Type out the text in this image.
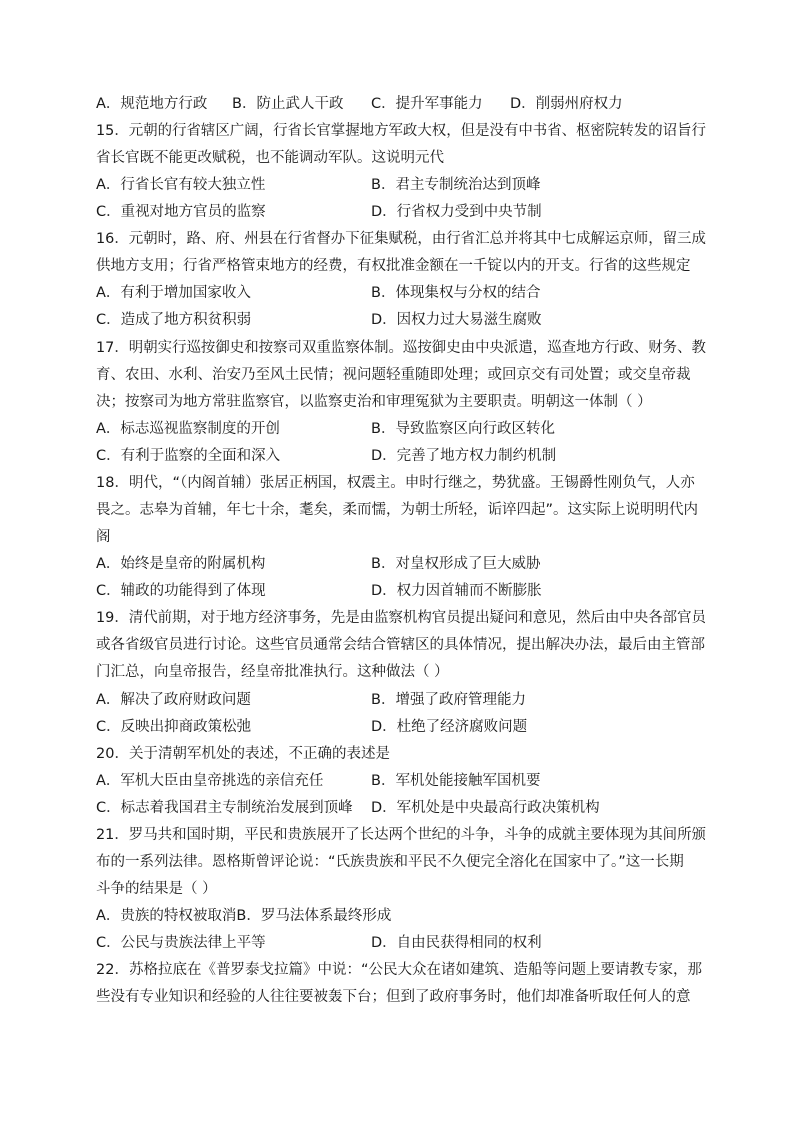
A．规范地方行政 B．防止武人干政 C．提升军事能力 D．削弱州府权力
15．元朝的行省辖区广阔，行省长官掌握地方军政大权，但是没有中书省、枢密院转发的诏旨行
省长官既不能更改赋税，也不能调动军队。这说明元代
A．行省长官有较大独立性	B．君主专制统治达到顶峰
C．重视对地方官员的监察	D．行省权力受到中央节制
16．元朝时，路、府、州县在行省督办下征集赋税，由行省汇总并将其中七成解运京师，留三成
供地方支用；行省严格管束地方的经费，有权批准金额在一千锭以内的开支。行省的这些规定
A．有利于增加国家收入	B．体现集权与分权的结合
C．造成了地方积贫积弱	D．因权力过大易滋生腐败
17．明朝实行巡按御史和按察司双重监察体制。巡按御史由中央派遣，巡查地方行政、财务、教
育、农田、水利、治安乃至风土民情；视问题轻重随即处理；或回京交有司处置；或交皇帝裁
决；按察司为地方常驻监察官，以监察吏治和审理冤狱为主要职责。明朝这一体制（ ）
A．标志巡视监察制度的开创	B．导致监察区向行政区转化
C．有利于监察的全面和深入	D．完善了地方权力制约机制
18．明代，“（内阁首辅）张居正柄国，权震主。申时行继之，势犹盛。王锡爵性刚负气，人亦
畏之。志皋为首辅，年七十余，耄矣，柔而懦，为朝士所轻，诟谇四起”。这实际上说明明代内
阁
A．始终是皇帝的附属机构	B．对皇权形成了巨大威胁
C．辅政的功能得到了体现	D．权力因首辅而不断膨胀
19．清代前期，对于地方经济事务，先是由监察机构官员提出疑问和意见，然后由中央各部官员
或各省级官员进行讨论。这些官员通常会结合管辖区的具体情况，提出解决办法，最后由主管部
门汇总，向皇帝报告，经皇帝批准执行。这种做法（ ）
A．解决了政府财政问题	B．增强了政府管理能力
C．反映出抑商政策松弛	D．杜绝了经济腐败问题
20．关于清朝军机处的表述，不正确的表述是
A．军机大臣由皇帝挑选的亲信充任	B．军机处能接触军国机要
C．标志着我国君主专制统治发展到顶峰 D．军机处是中央最高行政决策机构
21．罗马共和国时期，平民和贵族展开了长达两个世纪的斗争，斗争的成就主要体现为其间所颁
布的一系列法律。恩格斯曾评论说：“氏族贵族和平民不久便完全溶化在国家中了。”这一长期
斗争的结果是（ ）
A．贵族的特权被取消B．罗马法体系最终形成
C．公民与贵族法律上平等	D．自由民获得相同的权利
22．苏格拉底在《普罗泰戈拉篇》中说：“公民大众在诸如建筑、造船等问题上要请教专家，那
些没有专业知识和经验的人往往要被轰下台；但到了政府事务时，他们却准备听取任何人的意
